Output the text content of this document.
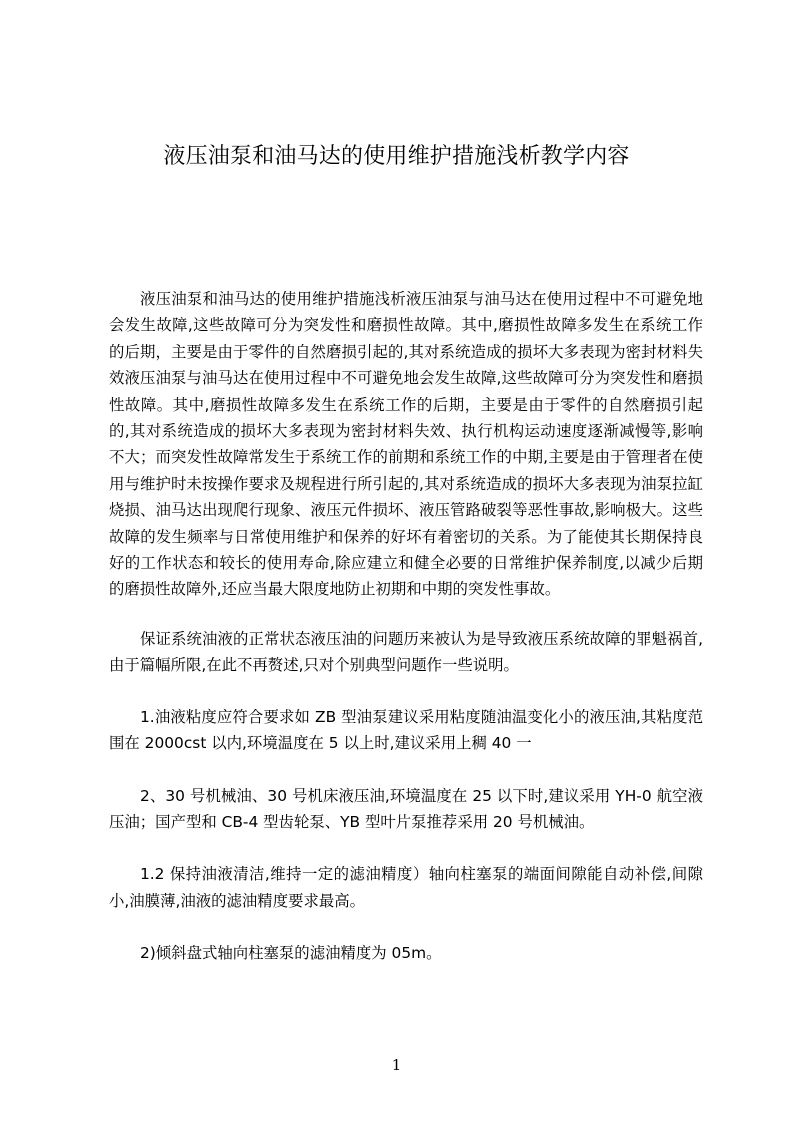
液压油泵和油马达的使用维护措施浅析教学内容

液压油泵和油马达的使用维护措施浅析液压油泵与油马达在使用过程中不可避免地会发生故障,这些故障可分为突发性和磨损性故障。其中,磨损性故障多发生在系统工作的后期，主要是由于零件的自然磨损引起的,其对系统造成的损坏大多表现为密封材料失效液压油泵与油马达在使用过程中不可避免地会发生故障,这些故障可分为突发性和磨损性故障。其中,磨损性故障多发生在系统工作的后期，主要是由于零件的自然磨损引起的,其对系统造成的损坏大多表现为密封材料失效、执行机构运动速度逐渐减慢等,影响不大；而突发性故障常发生于系统工作的前期和系统工作的中期,主要是由于管理者在使用与维护时未按操作要求及规程进行所引起的,其对系统造成的损坏大多表现为油泵拉缸烧损、油马达出现爬行现象、液压元件损坏、液压管路破裂等恶性事故,影响极大。这些故障的发生频率与日常使用维护和保养的好坏有着密切的关系。为了能使其长期保持良好的工作状态和较长的使用寿命,除应建立和健全必要的日常维护保养制度,以减少后期的磨损性故障外,还应当最大限度地防止初期和中期的突发性事故。

保证系统油液的正常状态液压油的问题历来被认为是导致液压系统故障的罪魁祸首,由于篇幅所限,在此不再赘述,只对个别典型问题作一些说明。

1.油液粘度应符合要求如 ZB 型油泵建议采用粘度随油温变化小的液压油,其粘度范围在 2000cst 以内,环境温度在 5 以上时,建议采用上稠 40 一

2、30 号机械油、30 号机床液压油,环境温度在 25 以下时,建议采用 YH-0 航空液压油；国产型和 CB-4 型齿轮泵、YB 型叶片泵推荐采用 20 号机械油。

1.2 保持油液清洁,维持一定的滤油精度）轴向柱塞泵的端面间隙能自动补偿,间隙小,油膜薄,油液的滤油精度要求最高。

2)倾斜盘式轴向柱塞泵的滤油精度为 05m。

1
